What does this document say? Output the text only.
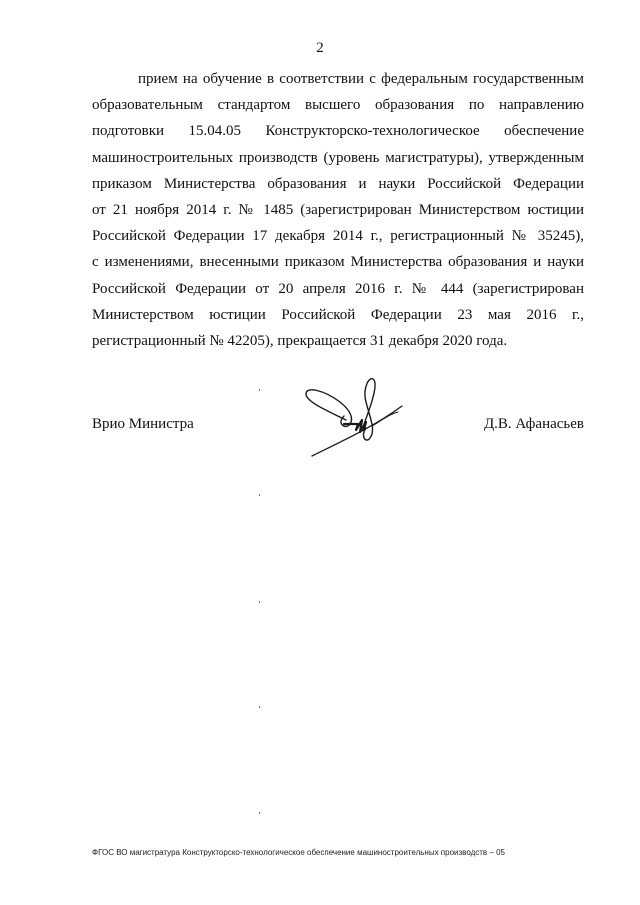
2
прием на обучение в соответствии с федеральным государственным
образовательным стандартом высшего образования по направлению
подготовки 15.04.05 Конструкторско-технологическое обеспечение
машиностроительных производств (уровень магистратуры), утвержденным
приказом Министерства образования и науки Российской Федерации
от 21 ноября 2014 г. № 1485 (зарегистрирован Министерством юстиции
Российской Федерации 17 декабря 2014 г., регистрационный № 35245),
с изменениями, внесенными приказом Министерства образования и науки
Российской Федерации от 20 апреля 2016 г. № 444 (зарегистрирован
Министерством юстиции Российской Федерации 23 мая 2016 г.,
регистрационный № 42205), прекращается 31 декабря 2020 года.
Врио Министра	Д.В. Афанасьев
ФГОС ВО магистратура Конструкторско-технологическое обеспечение машиностроительных производств – 05
